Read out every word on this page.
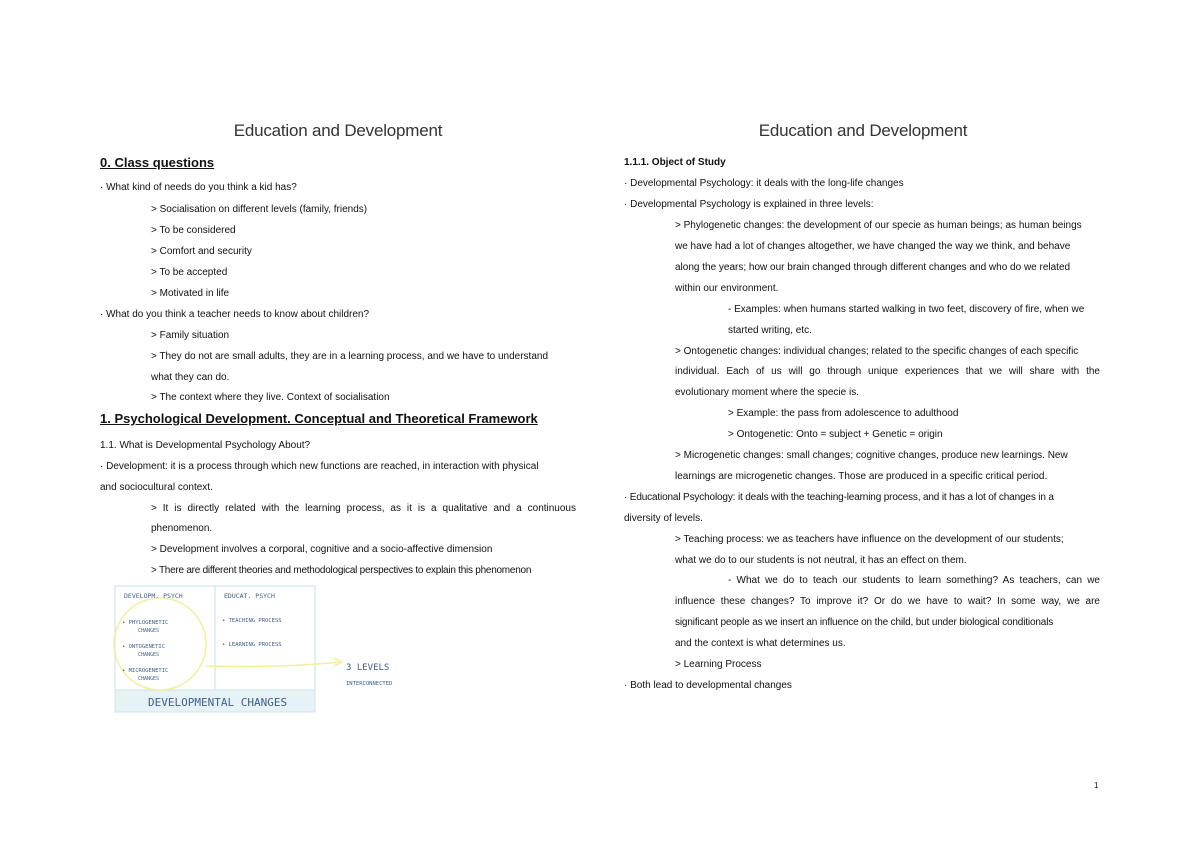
Education and Development
0. Class questions
· What kind of needs do you think a kid has?
> Socialisation on different levels (family, friends)
> To be considered
> Comfort and security
> To be accepted
> Motivated in life
· What do you think a teacher needs to know about children?
> Family situation
> They do not are small adults, they are in a learning process, and we have to understand
what they can do.
> The context where they live. Context of socialisation
1. Psychological Development. Conceptual and Theoretical Framework
1.1. What is Developmental Psychology About?
· Development: it is a process through which new functions are reached, in interaction with physical
and sociocultural context.
> It is directly related with the learning process, as it is a qualitative and a continuous
phenomenon.
> Development involves a corporal, cognitive and a socio-affective dimension
> There are different theories and methodological perspectives to explain this phenomenon
DEVELOPM. PSYCH	EDUCAT. PSYCH
• PHYLOGENETIC
CHANGES
• ONTOGENETIC
CHANGES
• MICROGENETIC
CHANGES
• TEACHING PROCESS
• LEARNING PROCESS
3 LEVELS
INTERCONNECTED
DEVELOPMENTAL CHANGES
Education and Development
1.1.1. Object of Study
· Developmental Psychology: it deals with the long-life changes
· Developmental Psychology is explained in three levels:
> Phylogenetic changes: the development of our specie as human beings; as human beings
we have had a lot of changes altogether, we have changed the way we think, and behave
along the years; how our brain changed through different changes and who do we related
within our environment.
- Examples: when humans started walking in two feet, discovery of fire, when we
started writing, etc.
> Ontogenetic changes: individual changes; related to the specific changes of each specific
individual. Each of us will go through unique experiences that we will share with the
evolutionary moment where the specie is.
> Example: the pass from adolescence to adulthood
> Ontogenetic: Onto = subject + Genetic = origin
> Microgenetic changes: small changes; cognitive changes, produce new learnings. New
learnings are microgenetic changes. Those are produced in a specific critical period.
· Educational Psychology: it deals with the teaching-learning process, and it has a lot of changes in a
diversity of levels.
> Teaching process: we as teachers have influence on the development of our students;
what we do to our students is not neutral, it has an effect on them.
- What we do to teach our students to learn something? As teachers, can we
influence these changes? To improve it? Or do we have to wait? In some way, we are
significant people as we insert an influence on the child, but under biological conditionals
and the context is what determines us.
> Learning Process
· Both lead to developmental changes
1
